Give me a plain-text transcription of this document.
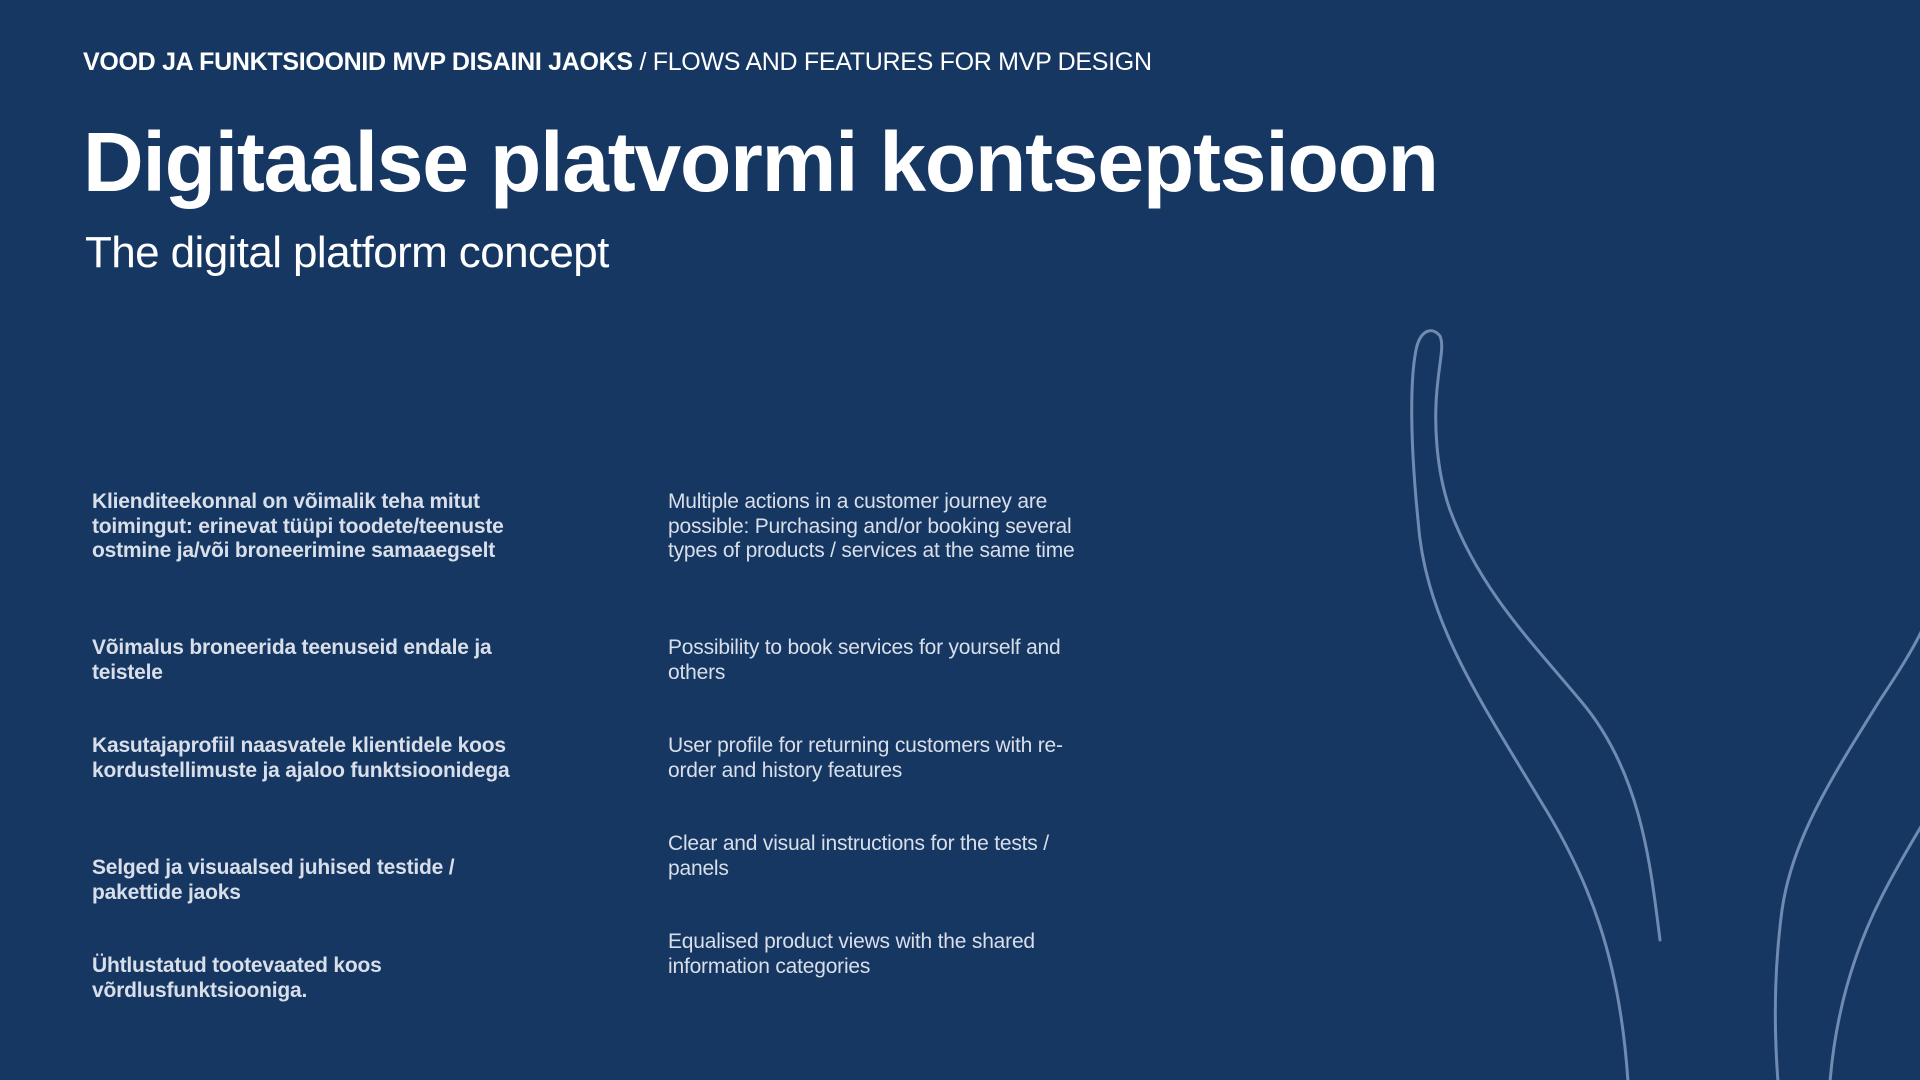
VOOD JA FUNKTSIOONID MVP DISAINI JAOKS / FLOWS AND FEATURES FOR MVP DESIGN
Digitaalse platvormi kontseptsioon
The digital platform concept
Klienditeekonnal on võimalik teha mitut toimingut: erinevat tüüpi toodete/teenuste ostmine ja/või broneerimine samaaegselt
Multiple actions in a customer journey are possible: Purchasing and/or booking several types of products / services at the same time
Võimalus broneerida teenuseid endale ja teistele
Possibility to book services for yourself and others
Kasutajaprofiil naasvatele klientidele koos kordustellimuste ja ajaloo funktsioonidega
User profile for returning customers with re-order and history features
Selged ja visuaalsed juhised testide / pakettide jaoks
Clear and visual instructions for the tests / panels
Ühtlustatud tootevaated koos võrdlusfunktsiooniga.
Equalised product views with the shared information categories
